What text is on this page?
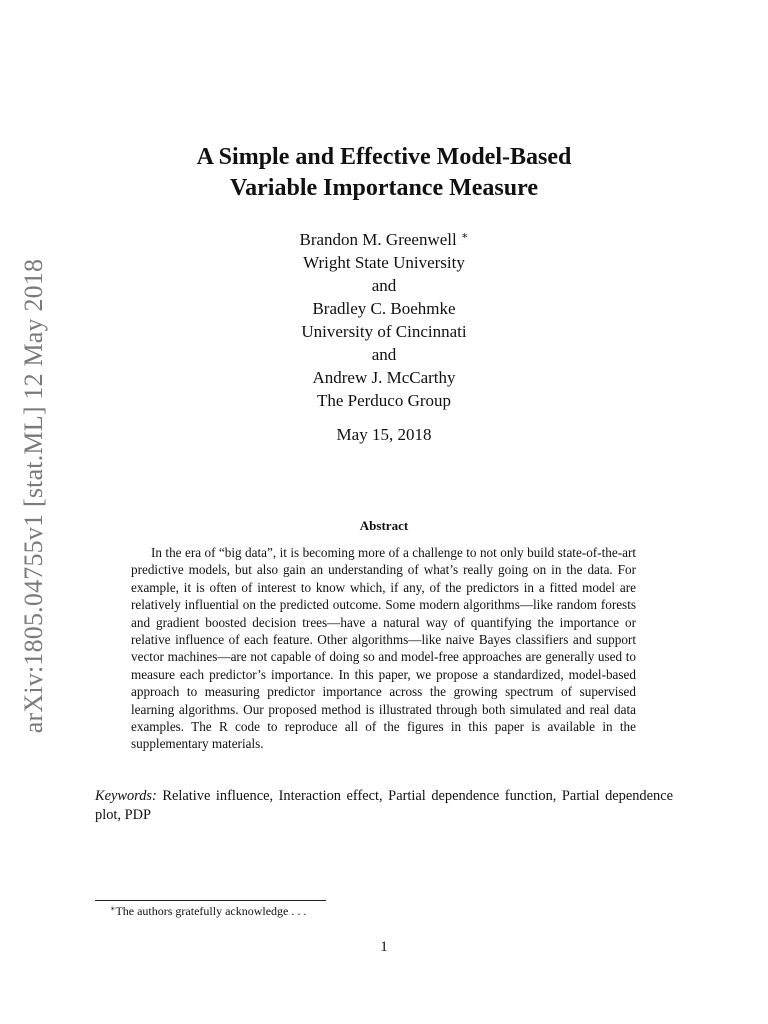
arXiv:1805.04755v1 [stat.ML] 12 May 2018
A Simple and Effective Model-Based
Variable Importance Measure
Brandon M. Greenwell ∗
Wright State University
and
Bradley C. Boehmke
University of Cincinnati
and
Andrew J. McCarthy
The Perduco Group
May 15, 2018
Abstract

In the era of “big data”, it is becoming more of a challenge to not only build state-of-the-art predictive models, but also gain an understanding of what’s really going on in the data. For example, it is often of interest to know which, if any, of the predictors in a fitted model are relatively influential on the predicted outcome. Some modern algorithms—like random forests and gradient boosted decision trees—have a natural way of quantifying the importance or relative influence of each feature. Other algorithms—like naive Bayes classifiers and support vector machines—are not capable of doing so and model-free approaches are generally used to measure each predictor’s importance. In this paper, we propose a standardized, model-based approach to measuring predictor importance across the growing spectrum of supervised learning algorithms. Our proposed method is illustrated through both simulated and real data examples. The R code to reproduce all of the figures in this paper is available in the supplementary materials.

Keywords: Relative influence, Interaction effect, Partial dependence function, Partial dependence plot, PDP

∗The authors gratefully acknowledge . . .
1
